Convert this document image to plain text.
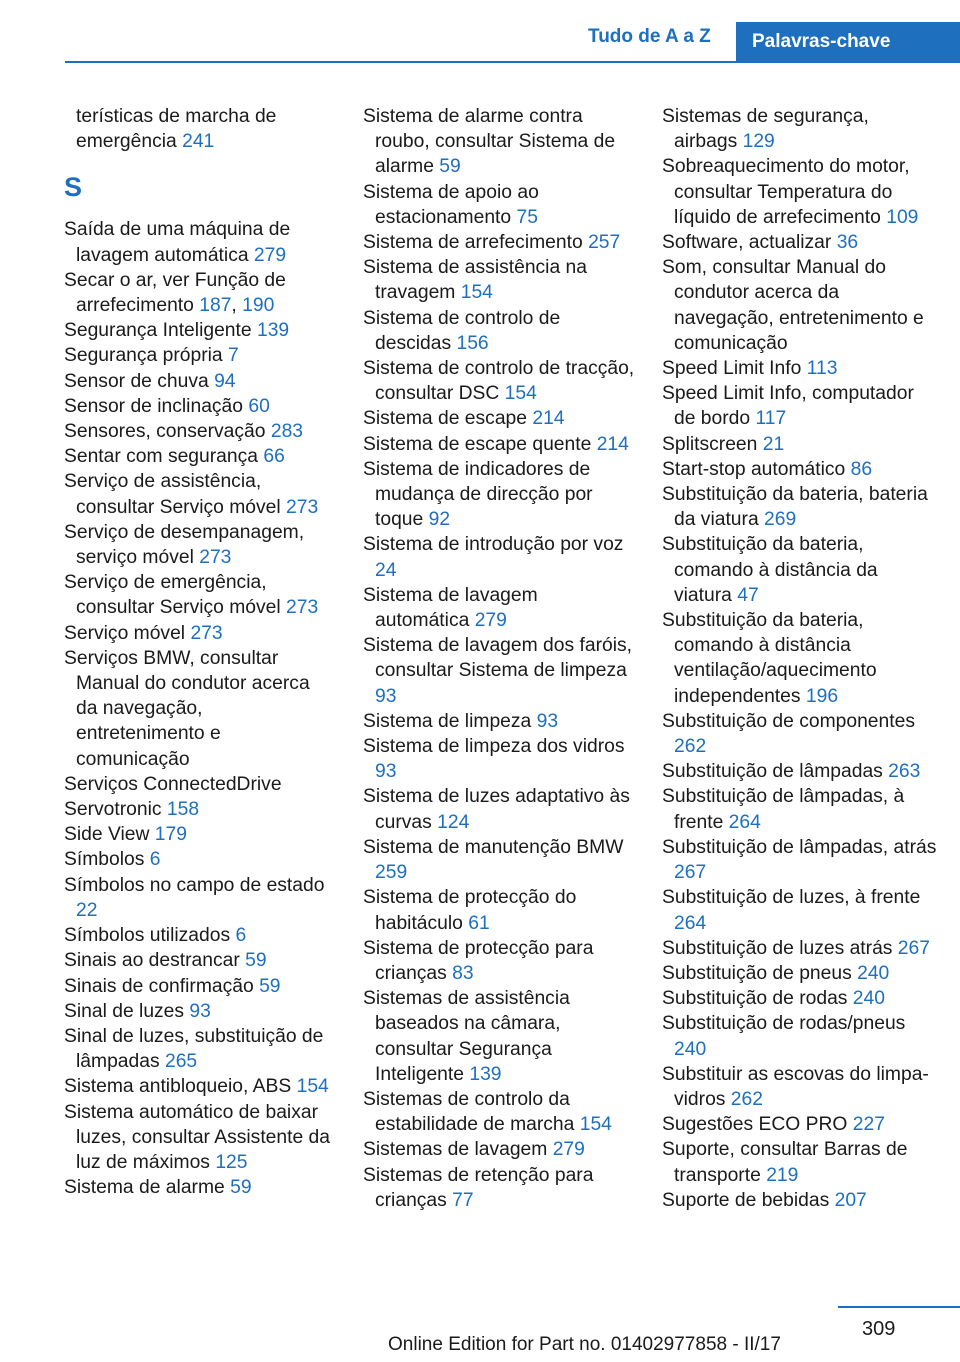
Tudo de A a Z	Palavras-chave
terísticas de marcha de emergência 241
S
Saída de uma máquina de lavagem automática 279
Secar o ar, ver Função de arrefecimento 187, 190
Segurança Inteligente 139
Segurança própria 7
Sensor de chuva 94
Sensor de inclinação 60
Sensores, conservação 283
Sentar com segurança 66
Serviço de assistência, consultar Serviço móvel 273
Serviço de desempanagem, serviço móvel 273
Serviço de emergência, consultar Serviço móvel 273
Serviço móvel 273
Serviços BMW, consultar Manual do condutor acerca da navegação, entretenimento e comunicação
Serviços ConnectedDrive
Servotronic 158
Side View 179
Símbolos 6
Símbolos no campo de estado 22
Símbolos utilizados 6
Sinais ao destrancar 59
Sinais de confirmação 59
Sinal de luzes 93
Sinal de luzes, substituição de lâmpadas 265
Sistema antibloqueio, ABS 154
Sistema automático de baixar luzes, consultar Assistente da luz de máximos 125
Sistema de alarme 59
Sistema de alarme contra roubo, consultar Sistema de alarme 59
Sistema de apoio ao estacionamento 75
Sistema de arrefecimento 257
Sistema de assistência na travagem 154
Sistema de controlo de descidas 156
Sistema de controlo de tracção, consultar DSC 154
Sistema de escape 214
Sistema de escape quente 214
Sistema de indicadores de mudança de direcção por toque 92
Sistema de introdução por voz 24
Sistema de lavagem automática 279
Sistema de lavagem dos faróis, consultar Sistema de limpeza 93
Sistema de limpeza 93
Sistema de limpeza dos vidros 93
Sistema de luzes adaptativo às curvas 124
Sistema de manutenção BMW 259
Sistema de protecção do habitáculo 61
Sistema de protecção para crianças 83
Sistemas de assistência baseados na câmara, consultar Segurança Inteligente 139
Sistemas de controlo da estabilidade de marcha 154
Sistemas de lavagem 279
Sistemas de retenção para crianças 77
Sistemas de segurança, airbags 129
Sobreaquecimento do motor, consultar Temperatura do líquido de arrefecimento 109
Software, actualizar 36
Som, consultar Manual do condutor acerca da navegação, entretenimento e comunicação
Speed Limit Info 113
Speed Limit Info, computador de bordo 117
Splitscreen 21
Start-stop automático 86
Substituição da bateria, bateria da viatura 269
Substituição da bateria, comando à distância da viatura 47
Substituição da bateria, comando à distância ventilação/aquecimento independentes 196
Substituição de componentes 262
Substituição de lâmpadas 263
Substituição de lâmpadas, à frente 264
Substituição de lâmpadas, atrás 267
Substituição de luzes, à frente 264
Substituição de luzes atrás 267
Substituição de pneus 240
Substituição de rodas 240
Substituição de rodas/pneus 240
Substituir as escovas do limpa-vidros 262
Sugestões ECO PRO 227
Suporte, consultar Barras de transporte 219
Suporte de bebidas 207
309
Online Edition for Part no. 01402977858 - II/17
